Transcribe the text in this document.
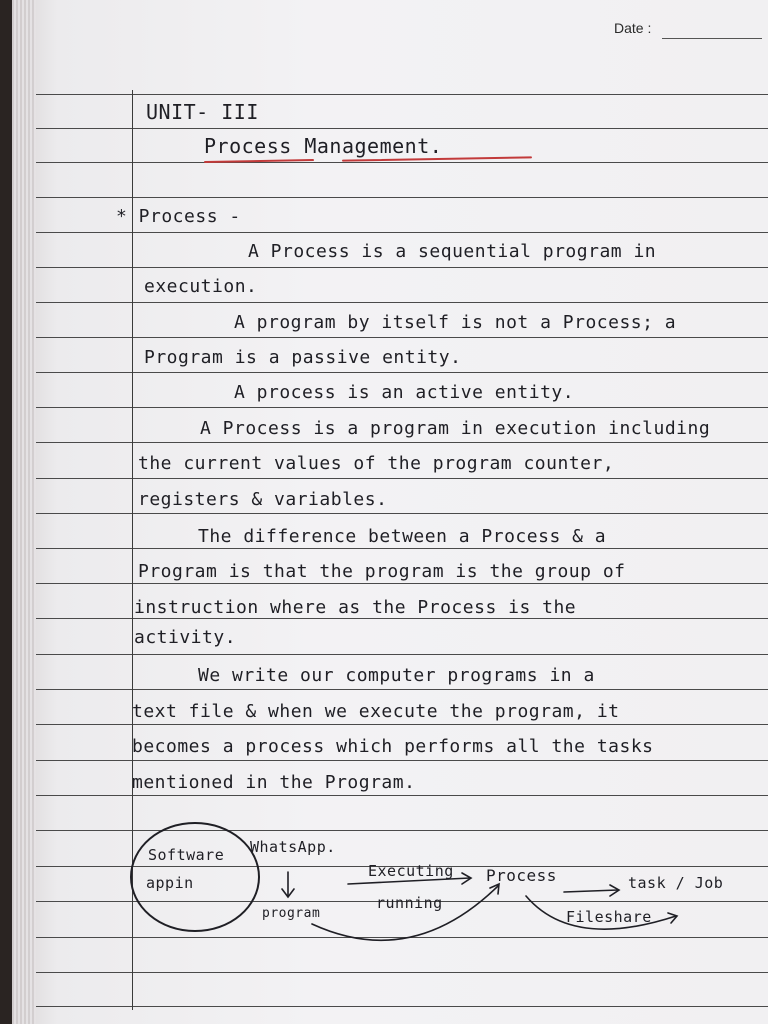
Date :
UNIT- III
Process Management.
* Process -
A Process is a sequential program in
execution.
A program by itself is not a Process; a
Program is a passive entity.
A process is an active entity.
A Process is a program in execution including
the current values of the program counter,
registers & variables.
The difference between a Process & a
Program is that the program is the group of
instruction where as the Process is the
activity.
We write our computer programs in a
text file & when we execute the program, it
becomes a process which performs all the tasks
mentioned in the Program.
Software WhatsApp.
appin
Executing
running
Process	task / Job
program	Fileshare
